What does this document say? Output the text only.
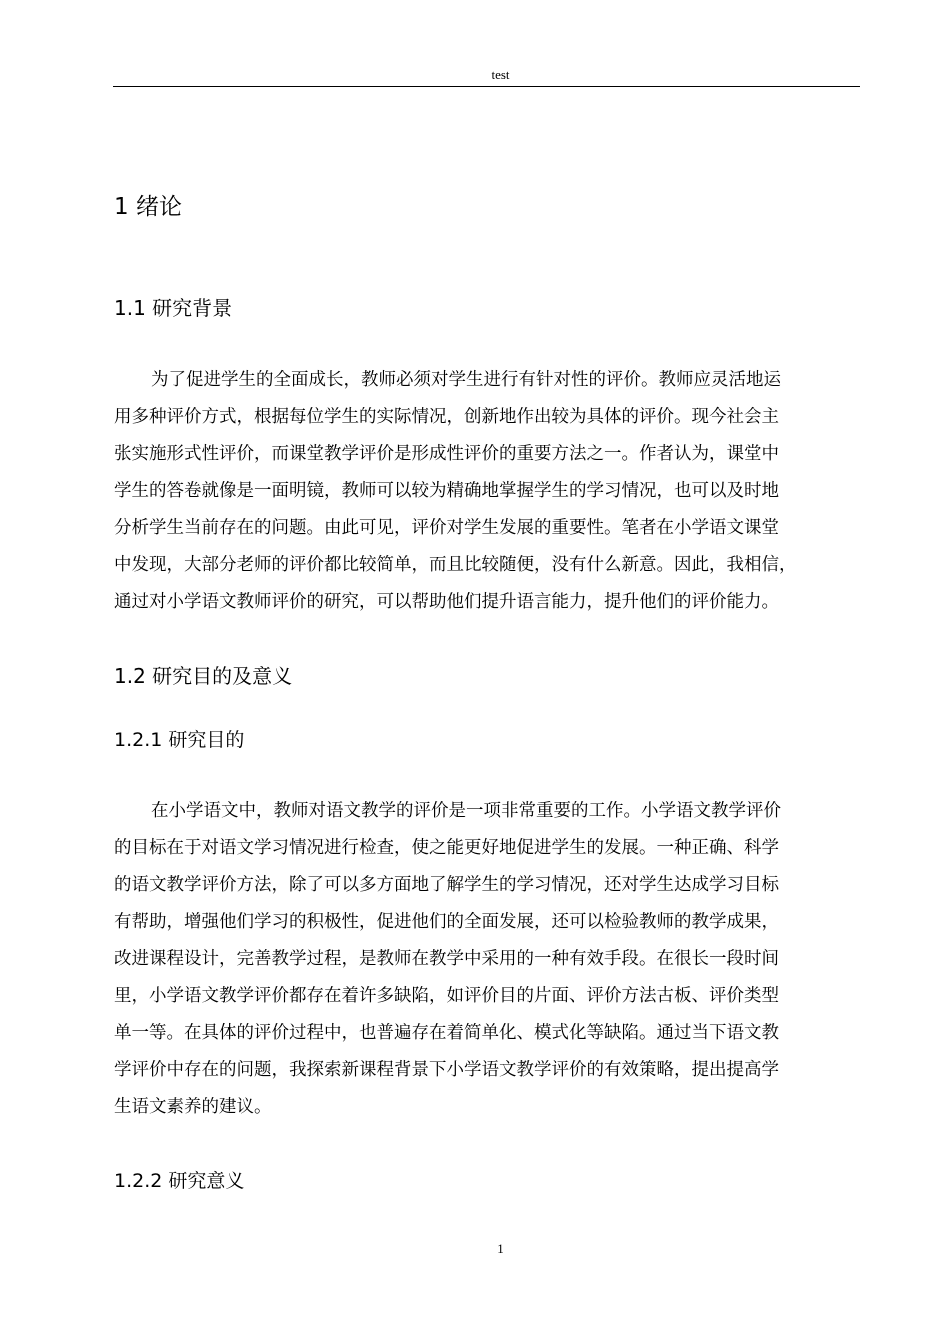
test
1 绪论
1.1 研究背景
为了促进学生的全面成长，教师必须对学生进行有针对性的评价。教师应灵活地运
用多种评价方式，根据每位学生的实际情况，创新地作出较为具体的评价。现今社会主
张实施形式性评价，而课堂教学评价是形成性评价的重要方法之一。作者认为，课堂中
学生的答卷就像是一面明镜，教师可以较为精确地掌握学生的学习情况，也可以及时地
分析学生当前存在的问题。由此可见，评价对学生发展的重要性。笔者在小学语文课堂
中发现，大部分老师的评价都比较简单，而且比较随便，没有什么新意。因此，我相信，
通过对小学语文教师评价的研究，可以帮助他们提升语言能力，提升他们的评价能力。
1.2 研究目的及意义
1.2.1 研究目的
在小学语文中，教师对语文教学的评价是一项非常重要的工作。小学语文教学评价
的目标在于对语文学习情况进行检查，使之能更好地促进学生的发展。一种正确、科学
的语文教学评价方法，除了可以多方面地了解学生的学习情况，还对学生达成学习目标
有帮助，增强他们学习的积极性，促进他们的全面发展，还可以检验教师的教学成果，
改进课程设计，完善教学过程，是教师在教学中采用的一种有效手段。在很长一段时间
里，小学语文教学评价都存在着许多缺陷，如评价目的片面、评价方法古板、评价类型
单一等。在具体的评价过程中，也普遍存在着简单化、模式化等缺陷。通过当下语文教
学评价中存在的问题，我探索新课程背景下小学语文教学评价的有效策略，提出提高学
生语文素养的建议。
1.2.2 研究意义
1
